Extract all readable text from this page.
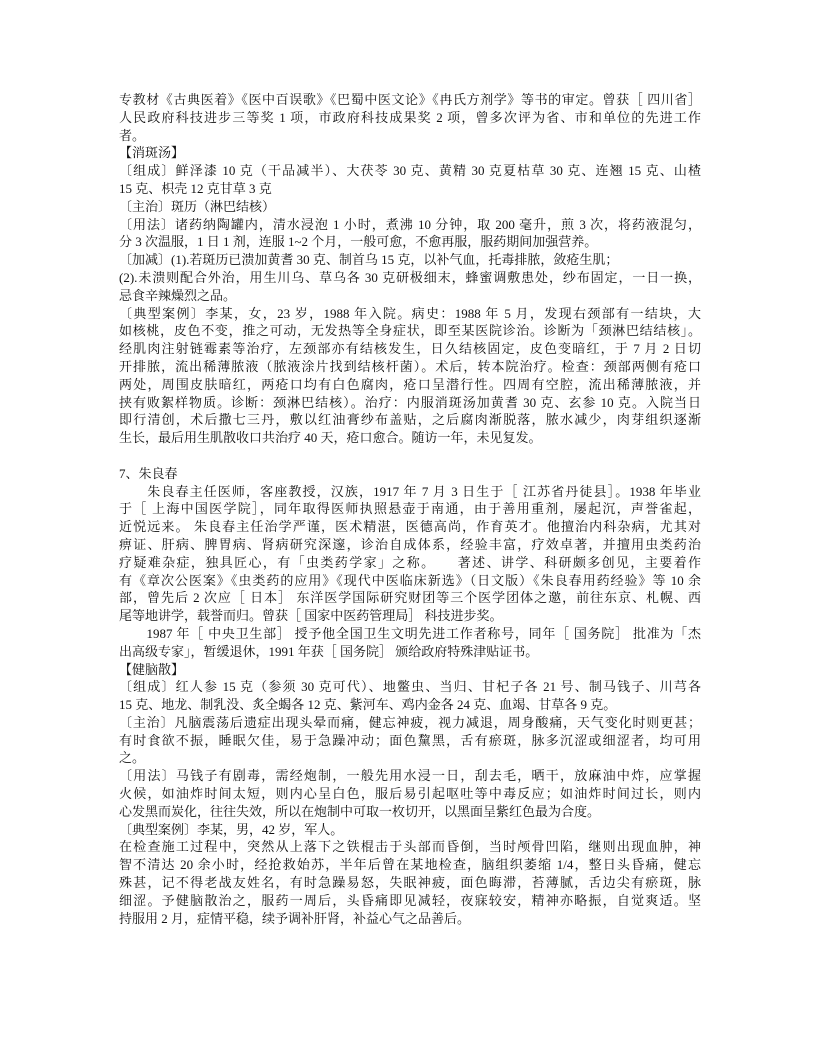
专教材《古典医着》《医中百误歌》《巴蜀中医文论》《冉氏方剂学》等书的审定。曾获［ 四川省］
人民政府科技进步三等奖 1 项，市政府科技成果奖 2 项，曾多次评为省、市和单位的先进工作
者。
【消斑汤】
〔组成〕鲜泽漆 10 克（干品减半）、大茯苓 30 克、黄精 30 克夏枯草 30 克、连翘 15 克、山楂
15 克、枳壳 12 克甘草 3 克
〔主治〕斑历（淋巴结核）
〔用法〕诸药纳陶罐内，清水浸泡 1 小时，煮沸 10 分钟，取 200 毫升，煎 3 次，将药液混匀，
分 3 次温服，1 日 1 剂，连服 1~2 个月，一般可愈，不愈再服，服药期间加强营养。
〔加减〕(1).若斑历已溃加黄耆 30 克、制首乌 15 克，以补气血，托毒排脓，敛疮生肌；
(2).未溃则配合外治，用生川乌、草乌各 30 克研极细末，蜂蜜调敷患处，纱布固定，一日一换，
忌食辛辣燥烈之品。
〔典型案例〕李某，女，23 岁，1988 年入院。病史：1988 年 5 月，发现右颈部有一结块，大
如核桃，皮色不变，推之可动，无发热等全身症状，即至某医院诊治。诊断为「颈淋巴结结核」。
经肌肉注射链霉素等治疗，左颈部亦有结核发生，日久结核固定，皮色变暗红，于 7 月 2 日切
开排脓，流出稀薄脓液（脓液涂片找到结核杆菌）。术后，转本院治疗。检查：颈部两侧有疮口
两处，周围皮肤暗红，两疮口均有白色腐肉，疮口呈潜行性。四周有空腔，流出稀薄脓液，并
挟有败絮样物质。诊断：颈淋巴结核）。治疗：内服消斑汤加黄耆 30 克、玄参 10 克。入院当日
即行清创，术后撒七三丹，敷以红油膏纱布盖贴，之后腐肉渐脱落，脓水减少，肉芽组织逐渐
生长，最后用生肌散收口共治疗 40 天，疮口愈合。随访一年，未见复发。
7、朱良春
　　朱良春主任医师，客座教授，汉族，1917 年 7 月 3 日生于［ 江苏省丹徒县］。1938 年毕业
于［ 上海中国医学院］，同年取得医师执照悬壶于南通，由于善用重剂，屡起沉，声誉雀起，
近悦远来。 朱良春主任治学严谨，医术精湛，医德高尚，作育英才。他擅治内科杂病，尤其对
痹证、肝病、脾胃病、肾病研究深邃，诊治自成体系，经验丰富，疗效卓著，并擅用虫类药治
疗疑难杂症，独具匠心，有「虫类药学家」之称。　　著述、讲学、科研颇多创见，主要着作
有《章次公医案》《虫类药的应用》《现代中医临床新选》（日文版）《朱良春用药经验》等 10 余
部，曾先后 2 次应［ 日本］ 东洋医学国际研究财团等三个医学团体之邀，前往东京、札幌、西
尾等地讲学，载誉而归。曾获［ 国家中医药管理局］ 科技进步奖。
　　1987 年［ 中央卫生部］ 授予他全国卫生文明先进工作者称号，同年［ 国务院］ 批准为「杰
出高级专家」，暂缓退休，1991 年获［ 国务院］ 颁给政府特殊津贴证书。
【健脑散】
〔组成〕红人参 15 克（参须 30 克可代）、地鳖虫、当归、甘杞子各 21 号、制马钱子、川芎各
15 克、地龙、制乳没、炙全蝎各 12 克、紫河车、鸡内金各 24 克、血竭、甘草各 9 克。
〔主治〕凡脑震荡后遗症出现头晕而痛，健忘神疲，视力减退，周身酸痛，天气变化时则更甚；
有时食欲不振，睡眠欠佳，易于急躁冲动；面色黧黑，舌有瘀斑，脉多沉涩或细涩者，均可用
之。
〔用法〕马钱子有剧毒，需经炮制，一般先用水浸一日，刮去毛，晒干，放麻油中炸，应掌握
火候，如油炸时间太短，则内心呈白色，服后易引起呕吐等中毒反应；如油炸时间过长，则内
心发黑而炭化，往往失效，所以在炮制中可取一枚切开，以黑面呈紫红色最为合度。
〔典型案例〕李某，男，42 岁，军人。
在检查施工过程中，突然从上落下之铁棍击于头部而昏倒，当时颅骨凹陷，继则出现血肿，神
智不清达 20 余小时，经抢救始苏，半年后曾在某地检查，脑组织萎缩 1/4，整日头昏痛，健忘
殊甚，记不得老战友姓名，有时急躁易怒，失眠神疲，面色晦滞，苔薄腻，舌边尖有瘀斑，脉
细涩。予健脑散治之，服药一周后，头昏痛即见减轻，夜寐较安，精神亦略振，自觉爽适。坚
持服用 2 月，症情平稳，续予调补肝肾，补益心气之品善后。
